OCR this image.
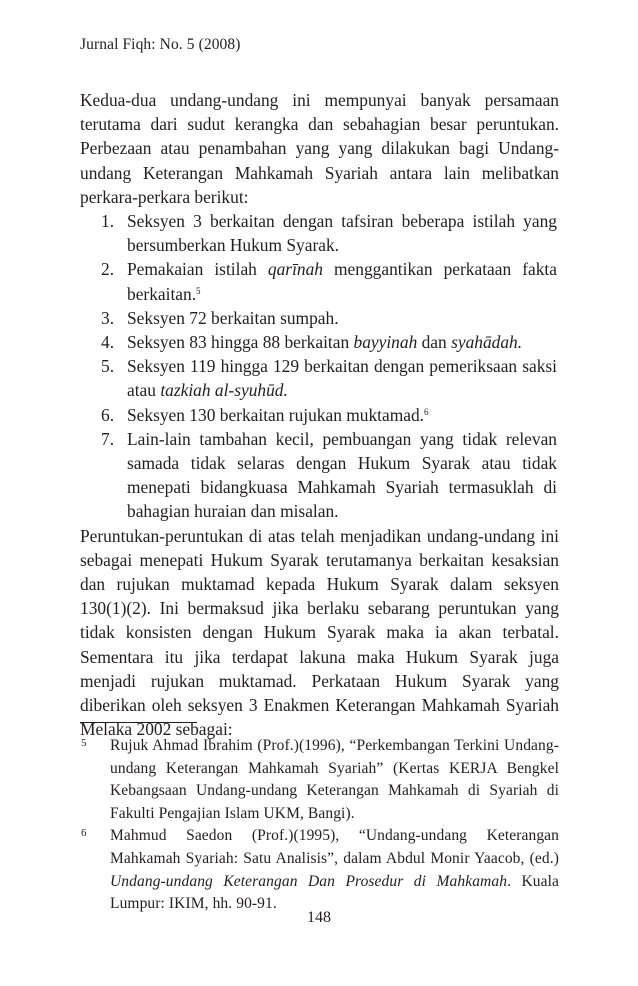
Jurnal Fiqh: No. 5 (2008)

Kedua-dua undang-undang ini mempunyai banyak persamaan terutama dari sudut kerangka dan sebahagian besar peruntukan. Perbezaan atau penambahan yang yang dilakukan bagi Undang-undang Keterangan Mahkamah Syariah antara lain melibatkan perkara-perkara berikut:

1. Seksyen 3 berkaitan dengan tafsiran beberapa istilah yang bersumberkan Hukum Syarak.
2. Pemakaian istilah qarīnah menggantikan perkataan fakta berkaitan.$^5$
3. Seksyen 72 berkaitan sumpah.
4. Seksyen 83 hingga 88 berkaitan bayyinah dan syahādah.
5. Seksyen 119 hingga 129 berkaitan dengan pemeriksaan saksi atau tazkiah al-syuhūd.
6. Seksyen 130 berkaitan rujukan muktamad.$^6$
7. Lain-lain tambahan kecil, pembuangan yang tidak relevan samada tidak selaras dengan Hukum Syarak atau tidak menepati bidangkuasa Mahkamah Syariah termasuklah di bahagian huraian dan misalan.

Peruntukan-peruntukan di atas telah menjadikan undang-undang ini sebagai menepati Hukum Syarak terutamanya berkaitan kesaksian dan rujukan muktamad kepada Hukum Syarak dalam seksyen 130(1)(2). Ini bermaksud jika berlaku sebarang peruntukan yang tidak konsisten dengan Hukum Syarak maka ia akan terbatal. Sementara itu jika terdapat lakuna maka Hukum Syarak juga menjadi rujukan muktamad. Perkataan Hukum Syarak yang diberikan oleh seksyen 3 Enakmen Keterangan Mahkamah Syariah Melaka 2002 sebagai:

5 Rujuk Ahmad Ibrahim (Prof.)(1996), “Perkembangan Terkini Undang-undang Keterangan Mahkamah Syariah” (Kertas KERJA Bengkel Kebangsaan Undang-undang Keterangan Mahkamah di Syariah di Fakulti Pengajian Islam UKM, Bangi).
6 Mahmud Saedon (Prof.)(1995), “Undang-undang Keterangan Mahkamah Syariah: Satu Analisis”, dalam Abdul Monir Yaacob, (ed.) Undang-undang Keterangan Dan Prosedur di Mahkamah. Kuala Lumpur: IKIM, hh. 90-91.
148
